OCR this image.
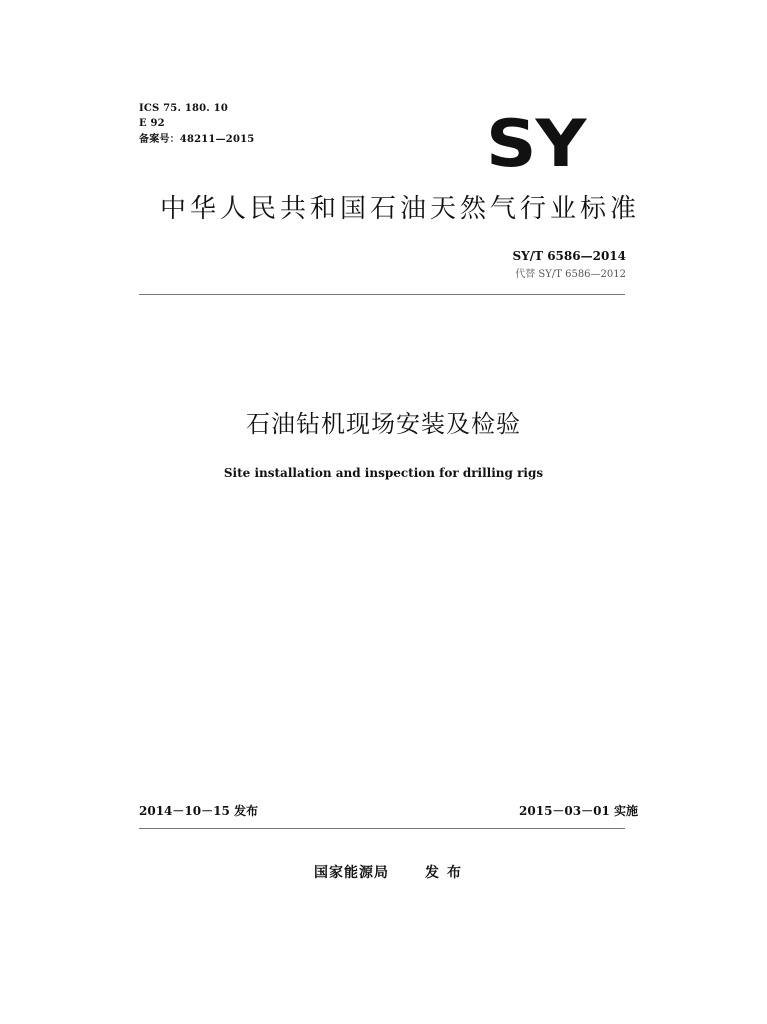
ICS 75. 180. 10
E 92
备案号：48211—2015	SY
中华人民共和国石油天然气行业标准
SY/T 6586—2014
代替 SY/T 6586—2012
石油钻机现场安装及检验
Site installation and inspection for drilling rigs
2014－10－15 发布	2015－03－01 实施
国家能源局	发布
